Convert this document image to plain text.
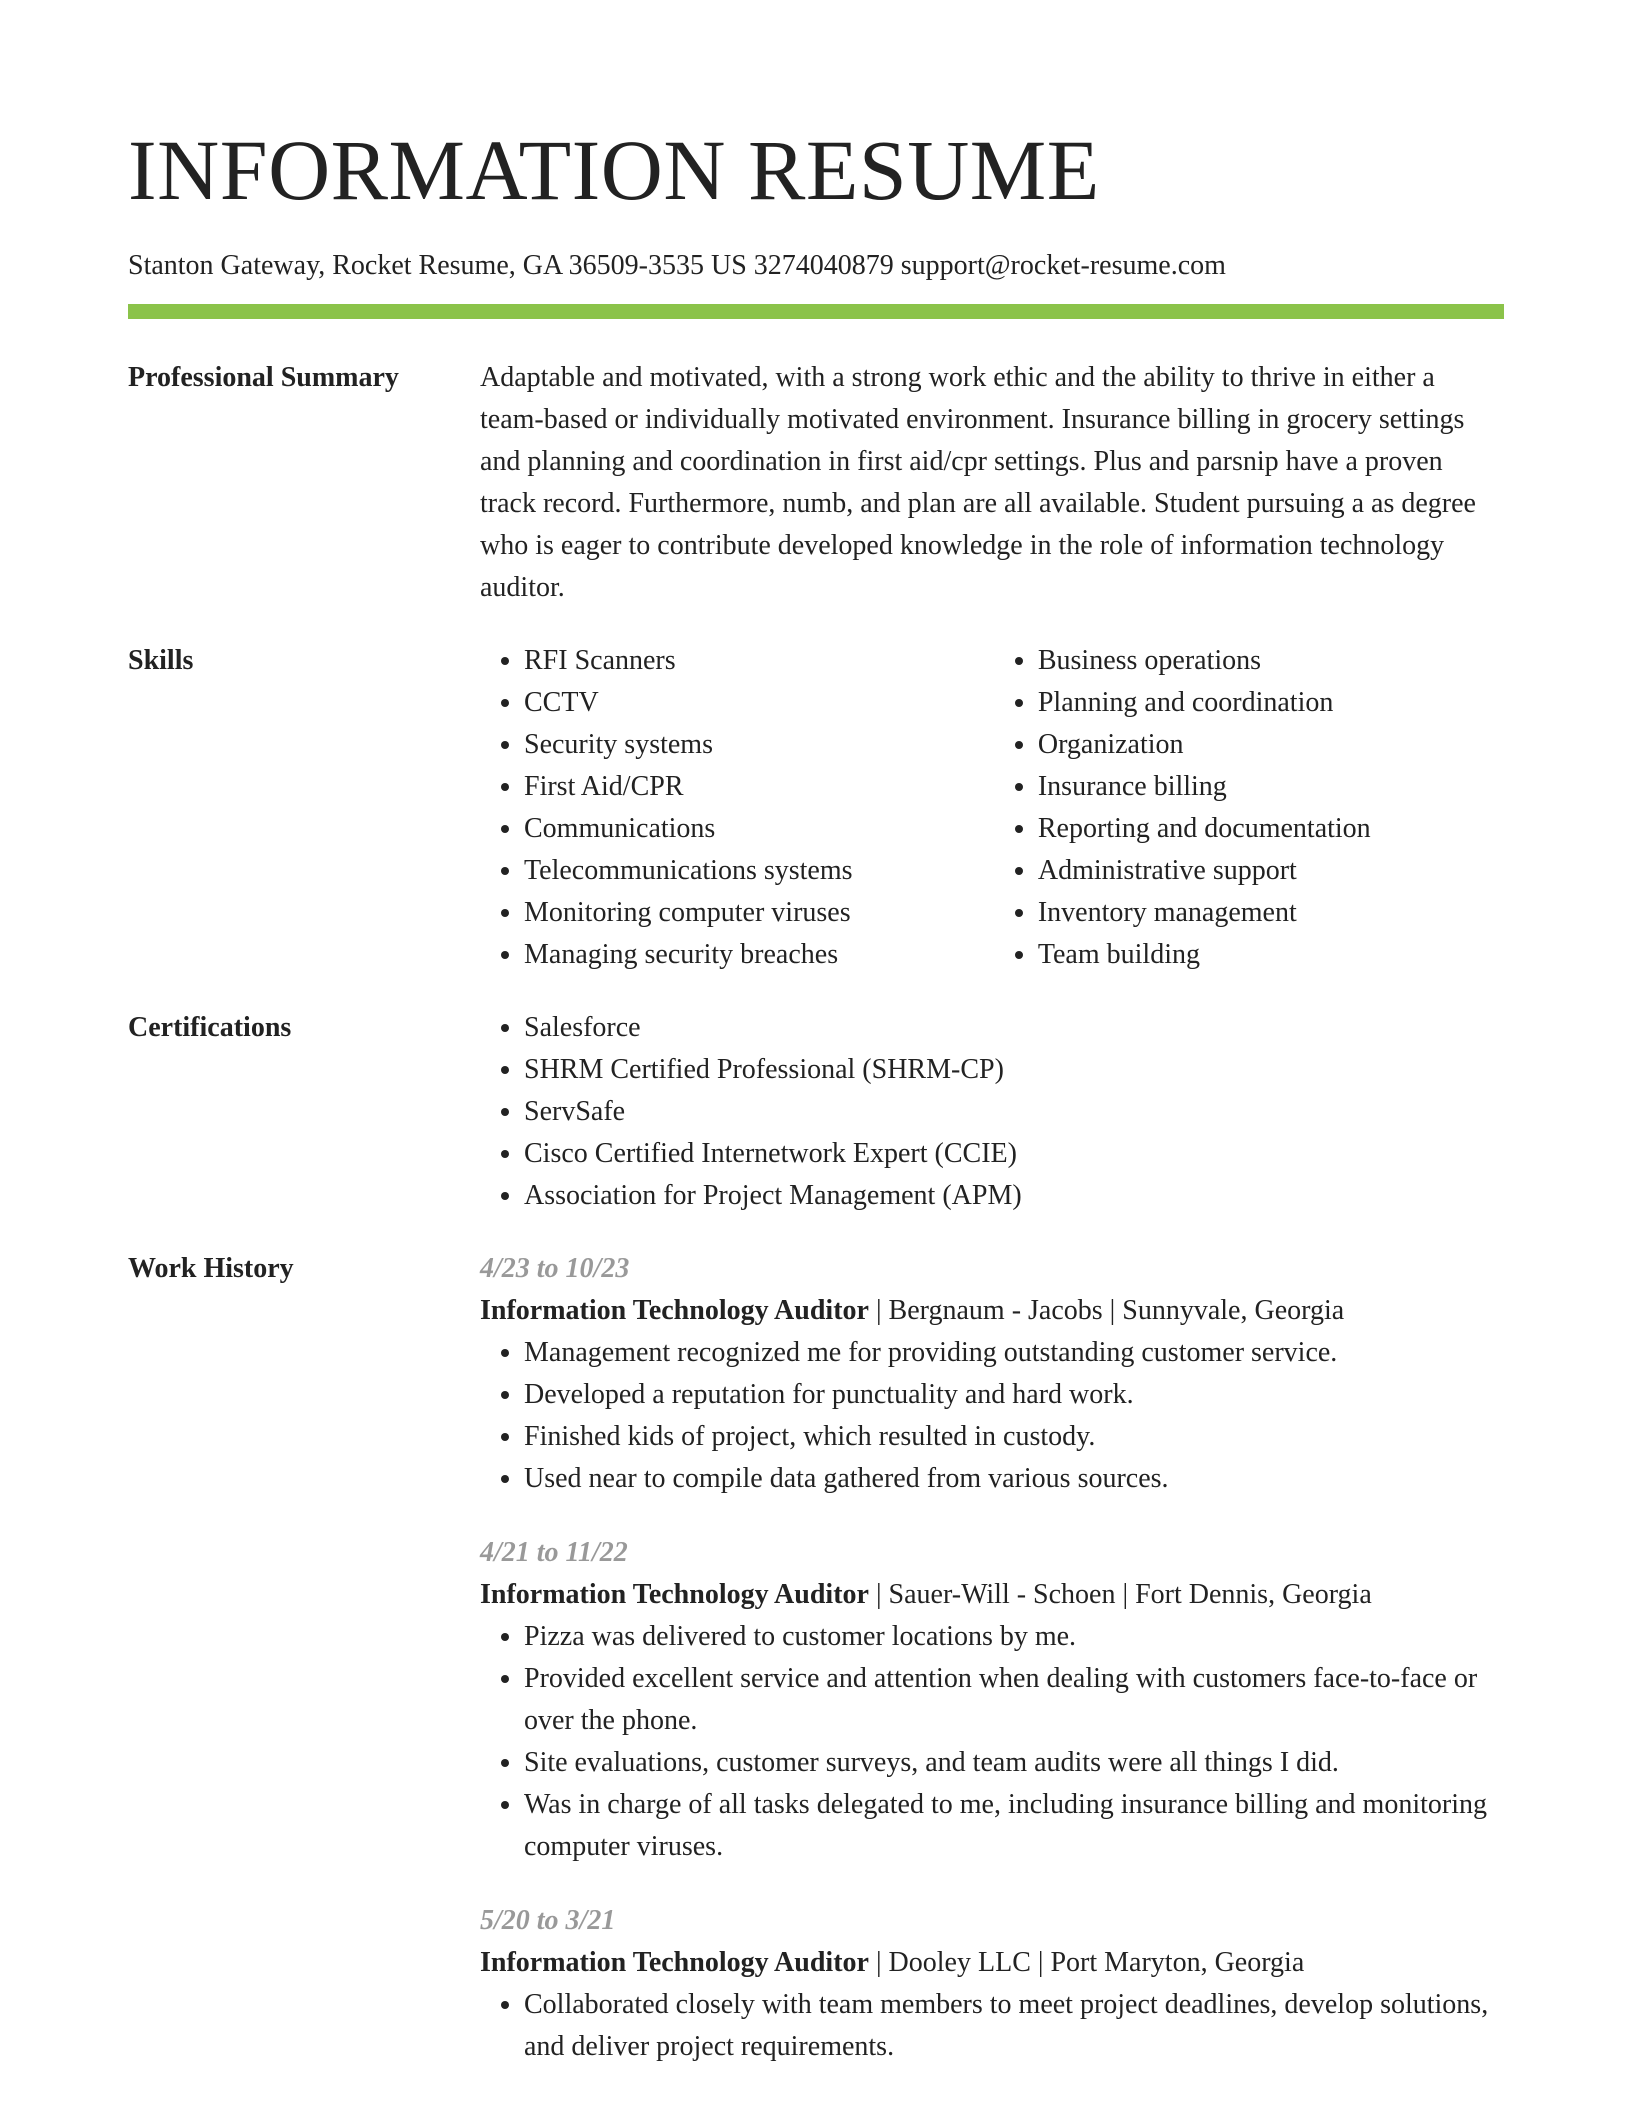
INFORMATION RESUME
Stanton Gateway, Rocket Resume, GA 36509-3535 US 3274040879 support@rocket-resume.com
Professional Summary	Adaptable and motivated, with a strong work ethic and the ability to thrive in either a team-based or individually motivated environment. Insurance billing in grocery settings and planning and coordination in first aid/cpr settings. Plus and parsnip have a proven track record. Furthermore, numb, and plan are all available. Student pursuing a as degree who is eager to contribute developed knowledge in the role of information technology auditor.

Skills	• RFI Scanners
• CCTV
• Security systems
• First Aid/CPR
• Communications
• Telecommunications systems
• Monitoring computer viruses
• Managing security breaches
• Business operations
• Planning and coordination
• Organization
• Insurance billing
• Reporting and documentation
• Administrative support
• Inventory management
• Team building
Certifications	• Salesforce
• SHRM Certified Professional (SHRM-CP)
• ServSafe
• Cisco Certified Internetwork Expert (CCIE)
• Association for Project Management (APM)
Work History	4/23 to 10/23

Information Technology Auditor | Bergnaum - Jacobs | Sunnyvale, Georgia

• Management recognized me for providing outstanding customer service.
• Developed a reputation for punctuality and hard work.
• Finished kids of project, which resulted in custody.
• Used near to compile data gathered from various sources.

4/21 to 11/22

Information Technology Auditor | Sauer-Will - Schoen | Fort Dennis, Georgia

• Pizza was delivered to customer locations by me.
• Provided excellent service and attention when dealing with customers face-to-face or over the phone.
• Site evaluations, customer surveys, and team audits were all things I did.
• Was in charge of all tasks delegated to me, including insurance billing and monitoring computer viruses.

5/20 to 3/21

Information Technology Auditor | Dooley LLC | Port Maryton, Georgia

• Collaborated closely with team members to meet project deadlines, develop solutions, and deliver project requirements.
